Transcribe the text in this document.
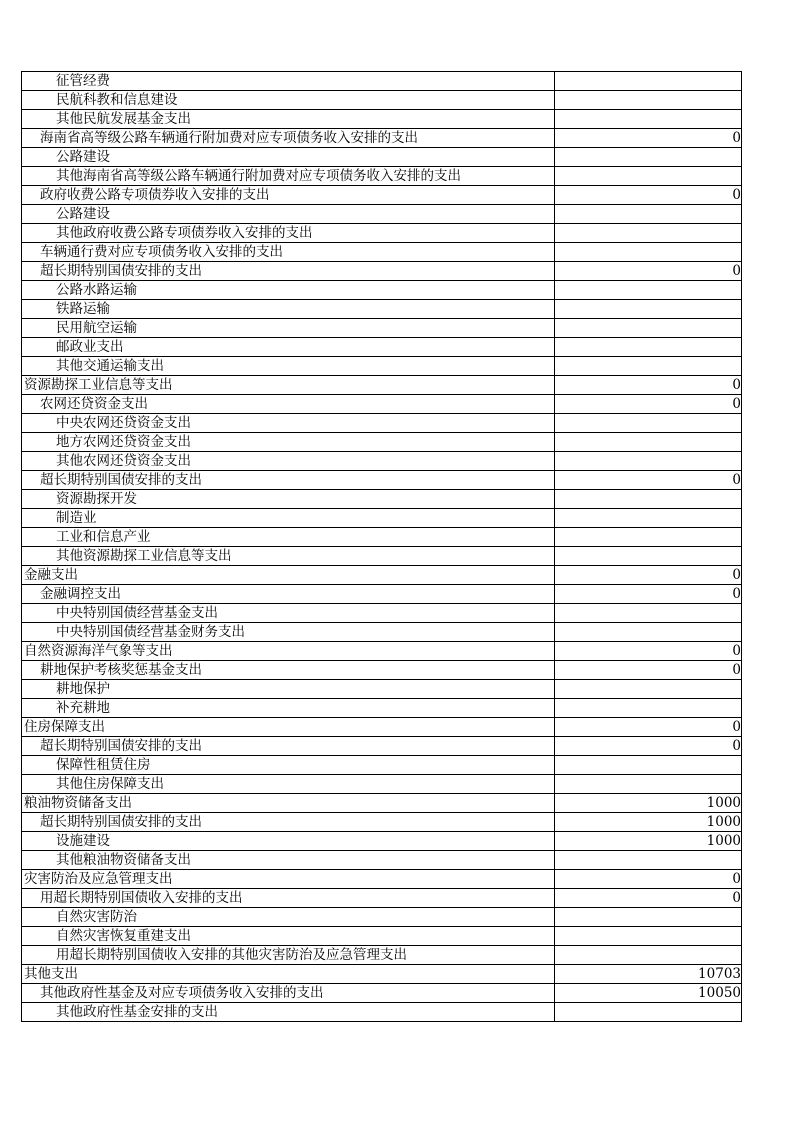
征管经费	
民航科教和信息建设	
其他民航发展基金支出	
海南省高等级公路车辆通行附加费对应专项债务收入安排的支出	0
公路建设	
其他海南省高等级公路车辆通行附加费对应专项债务收入安排的支出	
政府收费公路专项债券收入安排的支出	0
公路建设	
其他政府收费公路专项债券收入安排的支出	
车辆通行费对应专项债务收入安排的支出	
超长期特别国债安排的支出	0
公路水路运输	
铁路运输	
民用航空运输	
邮政业支出	
其他交通运输支出	
资源勘探工业信息等支出	0
农网还贷资金支出	0
中央农网还贷资金支出	
地方农网还贷资金支出	
其他农网还贷资金支出	
超长期特别国债安排的支出	0
资源勘探开发	
制造业	
工业和信息产业	
其他资源勘探工业信息等支出	
金融支出	0
金融调控支出	0
中央特别国债经营基金支出	
中央特别国债经营基金财务支出	
自然资源海洋气象等支出	0
耕地保护考核奖惩基金支出	0
耕地保护	
补充耕地	
住房保障支出	0
超长期特别国债安排的支出	0
保障性租赁住房	
其他住房保障支出	
粮油物资储备支出	1000
超长期特别国债安排的支出	1000
设施建设	1000
其他粮油物资储备支出	
灾害防治及应急管理支出	0
用超长期特别国债收入安排的支出	0
自然灾害防治	
自然灾害恢复重建支出	
用超长期特别国债收入安排的其他灾害防治及应急管理支出	
其他支出	10703
其他政府性基金及对应专项债务收入安排的支出	10050
其他政府性基金安排的支出	
